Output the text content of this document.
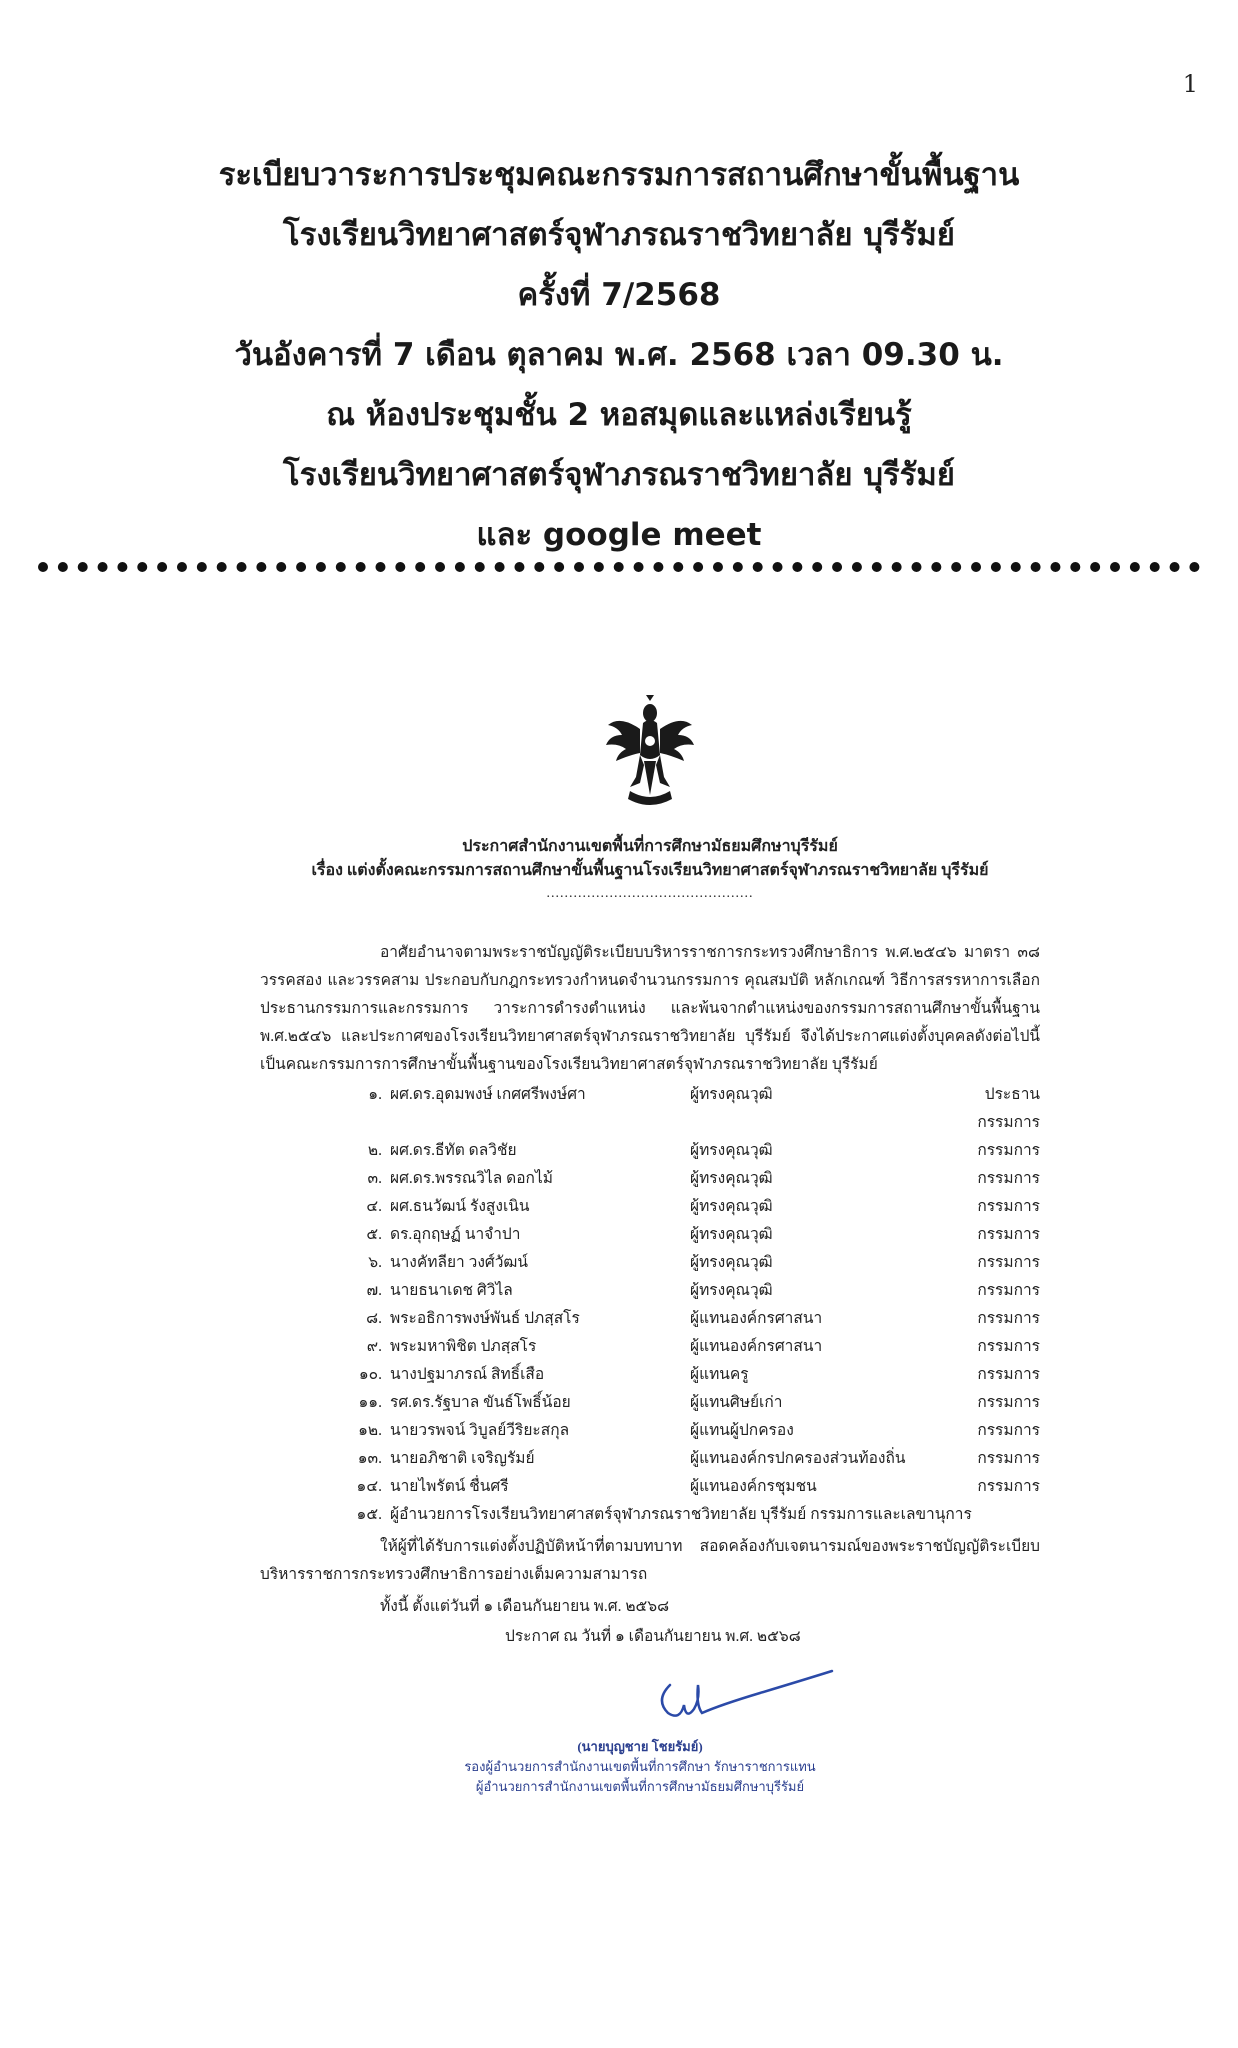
1
ระเบียบวาระการประชุมคณะกรรมการสถานศึกษาขั้นพื้นฐาน
โรงเรียนวิทยาศาสตร์จุฬาภรณราชวิทยาลัย บุรีรัมย์
ครั้งที่ 7/2568
วันอังคารที่ 7 เดือน ตุลาคม พ.ศ. 2568 เวลา 09.30 น.
ณ ห้องประชุมชั้น 2 หอสมุดและแหล่งเรียนรู้
โรงเรียนวิทยาศาสตร์จุฬาภรณราชวิทยาลัย บุรีรัมย์
และ google meet
ประกาศสำนักงานเขตพื้นที่การศึกษามัธยมศึกษาบุรีรัมย์
เรื่อง แต่งตั้งคณะกรรมการสถานศึกษาขั้นพื้นฐานโรงเรียนวิทยาศาสตร์จุฬาภรณราชวิทยาลัย บุรีรัมย์
..............................................
อาศัยอำนาจตามพระราชบัญญัติระเบียบบริหารราชการกระทรวงศึกษาธิการ พ.ศ.๒๕๔๖ มาตรา ๓๘ วรรคสอง และวรรคสาม ประกอบกับกฎกระทรวงกำหนดจำนวนกรรมการ คุณสมบัติ หลักเกณฑ์ วิธีการสรรหาการเลือกประธานกรรมการและกรรมการ วาระการดำรงตำแหน่ง และพ้นจากตำแหน่งของกรรมการสถานศึกษาขั้นพื้นฐาน พ.ศ.๒๕๔๖ และประกาศของโรงเรียนวิทยาศาสตร์จุฬาภรณราชวิทยาลัย บุรีรัมย์ จึงได้ประกาศแต่งตั้งบุคคลดังต่อไปนี้เป็นคณะกรรมการการศึกษาขั้นพื้นฐานของโรงเรียนวิทยาศาสตร์จุฬาภรณราชวิทยาลัย บุรีรัมย์
๑. ผศ.ดร.อุดมพงษ์ เกศศรีพงษ์ศา	ผู้ทรงคุณวุฒิ	ประธานกรรมการ
๒. ผศ.ดร.ธีทัต ดลวิชัย	ผู้ทรงคุณวุฒิ	กรรมการ
๓. ผศ.ดร.พรรณวิไล ดอกไม้	ผู้ทรงคุณวุฒิ	กรรมการ
๔. ผศ.ธนวัฒน์ รังสูงเนิน	ผู้ทรงคุณวุฒิ	กรรมการ
๕. ดร.อุกฤษฏ์ นาจำปา	ผู้ทรงคุณวุฒิ	กรรมการ
๖. นางคัทลียา วงศ์วัฒน์	ผู้ทรงคุณวุฒิ	กรรมการ
๗. นายธนาเดช ศิวิไล	ผู้ทรงคุณวุฒิ	กรรมการ
๘. พระอธิการพงษ์พันธ์ ปภสฺสโร	ผู้แทนองค์กรศาสนา	กรรมการ
๙. พระมหาพิชิต ปภสฺสโร	ผู้แทนองค์กรศาสนา	กรรมการ
๑๐. นางปฐมาภรณ์ สิทธิ์เสือ	ผู้แทนครู	กรรมการ
๑๑. รศ.ดร.รัฐบาล ขันธ์โพธิ์น้อย	ผู้แทนศิษย์เก่า	กรรมการ
๑๒. นายวรพจน์ วิบูลย์วีริยะสกุล	ผู้แทนผู้ปกครอง	กรรมการ
๑๓. นายอภิชาติ เจริญรัมย์	ผู้แทนองค์กรปกครองส่วนท้องถิ่น	กรรมการ
๑๔. นายไพรัตน์ ชื่นศรี	ผู้แทนองค์กรชุมชน	กรรมการ
๑๕. ผู้อำนวยการโรงเรียนวิทยาศาสตร์จุฬาภรณราชวิทยาลัย บุรีรัมย์ กรรมการและเลขานุการ
ให้ผู้ที่ได้รับการแต่งตั้งปฏิบัติหน้าที่ตามบทบาท สอดคล้องกับเจตนารมณ์ของพระราชบัญญัติระเบียบบริหารราชการกระทรวงศึกษาธิการอย่างเต็มความสามารถ
ทั้งนี้ ตั้งแต่วันที่ ๑ เดือนกันยายน พ.ศ. ๒๕๖๘
ประกาศ ณ วันที่ ๑ เดือนกันยายน พ.ศ. ๒๕๖๘
(นายบุญชาย โชยรัมย์)
รองผู้อำนวยการสำนักงานเขตพื้นที่การศึกษา รักษาราชการแทน
ผู้อำนวยการสำนักงานเขตพื้นที่การศึกษามัธยมศึกษาบุรีรัมย์
